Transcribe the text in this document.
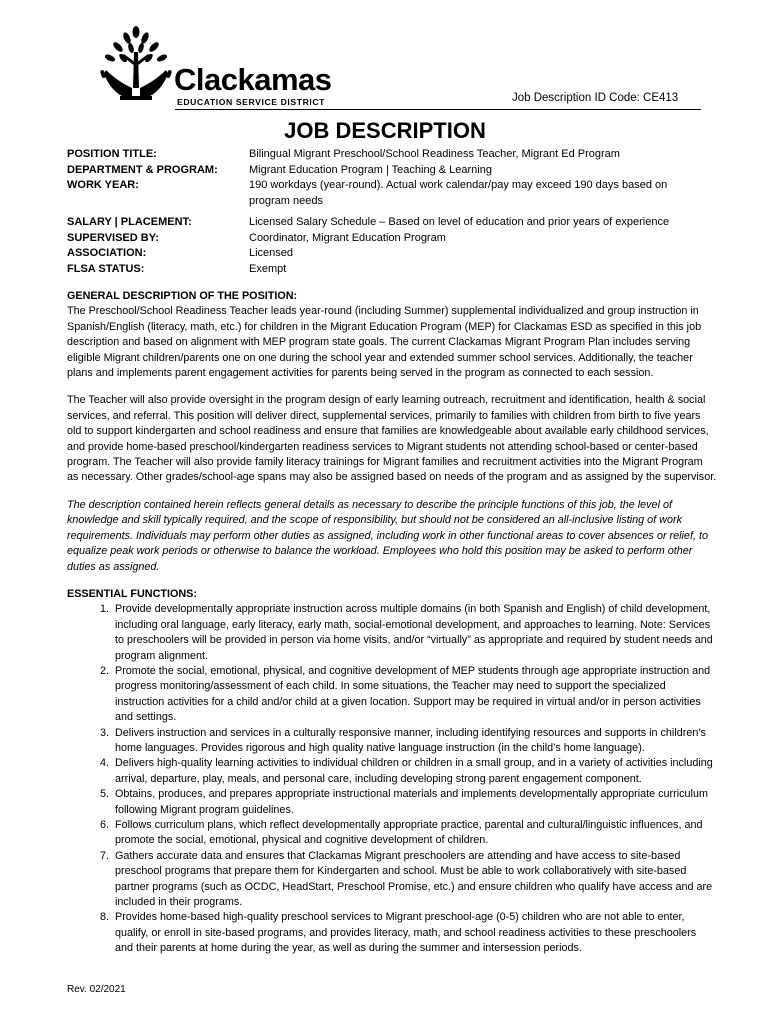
Clackamas
EDUCATION SERVICE DISTRICT	Job Description ID Code: CE413
JOB DESCRIPTION
POSITION TITLE:	Bilingual Migrant Preschool/School Readiness Teacher, Migrant Ed Program
DEPARTMENT & PROGRAM:	Migrant Education Program | Teaching & Learning
WORK YEAR:	190 workdays (year-round). Actual work calendar/pay may exceed 190 days based on program needs
SALARY | PLACEMENT:	Licensed Salary Schedule – Based on level of education and prior years of experience
SUPERVISED BY:	Coordinator, Migrant Education Program
ASSOCIATION:	Licensed
FLSA STATUS:	Exempt
GENERAL DESCRIPTION OF THE POSITION:

The Preschool/School Readiness Teacher leads year-round (including Summer) supplemental individualized and group instruction in Spanish/English (literacy, math, etc.) for children in the Migrant Education Program (MEP) for Clackamas ESD as specified in this job description and based on alignment with MEP program state goals. The current Clackamas Migrant Program Plan includes serving eligible Migrant children/parents one on one during the school year and extended summer school services. Additionally, the teacher plans and implements parent engagement activities for parents being served in the program as connected to each session.

The Teacher will also provide oversight in the program design of early learning outreach, recruitment and identification, health & social services, and referral. This position will deliver direct, supplemental services, primarily to families with children from birth to five years old to support kindergarten and school readiness and ensure that families are knowledgeable about available early childhood services, and provide home-based preschool/kindergarten readiness services to Migrant students not attending school-based or center-based program. The Teacher will also provide family literacy trainings for Migrant families and recruitment activities into the Migrant Program as necessary. Other grades/school-age spans may also be assigned based on needs of the program and as assigned by the supervisor.

The description contained herein reflects general details as necessary to describe the principle functions of this job, the level of knowledge and skill typically required, and the scope of responsibility, but should not be considered an all-inclusive listing of work requirements. Individuals may perform other duties as assigned, including work in other functional areas to cover absences or relief, to equalize peak work periods or otherwise to balance the workload. Employees who hold this position may be asked to perform other duties as assigned.

ESSENTIAL FUNCTIONS:
1. Provide developmentally appropriate instruction across multiple domains (in both Spanish and English) of child development, including oral language, early literacy, early math, social-emotional development, and approaches to learning. Note: Services to preschoolers will be provided in person via home visits, and/or “virtually” as appropriate and required by student needs and program alignment.
2. Promote the social, emotional, physical, and cognitive development of MEP students through age appropriate instruction and progress monitoring/assessment of each child. In some situations, the Teacher may need to support the specialized instruction activities for a child and/or child at a given location. Support may be required in virtual and/or in person activities and settings.
3. Delivers instruction and services in a culturally responsive manner, including identifying resources and supports in children’s home languages. Provides rigorous and high quality native language instruction (in the child’s home language).
4. Delivers high-quality learning activities to individual children or children in a small group, and in a variety of activities including arrival, departure, play, meals, and personal care, including developing strong parent engagement component.
5. Obtains, produces, and prepares appropriate instructional materials and implements developmentally appropriate curriculum following Migrant program guidelines.
6. Follows curriculum plans, which reflect developmentally appropriate practice, parental and cultural/linguistic influences, and promote the social, emotional, physical and cognitive development of children.
7. Gathers accurate data and ensures that Clackamas Migrant preschoolers are attending and have access to site-based preschool programs that prepare them for Kindergarten and school. Must be able to work collaboratively with site-based partner programs (such as OCDC, HeadStart, Preschool Promise, etc.) and ensure children who qualify have access and are included in their programs.
8. Provides home-based high-quality preschool services to Migrant preschool-age (0-5) children who are not able to enter, qualify, or enroll in site-based programs, and provides literacy, math, and school readiness activities to these preschoolers and their parents at home during the year, as well as during the summer and intersession periods.
Rev. 02/2021
